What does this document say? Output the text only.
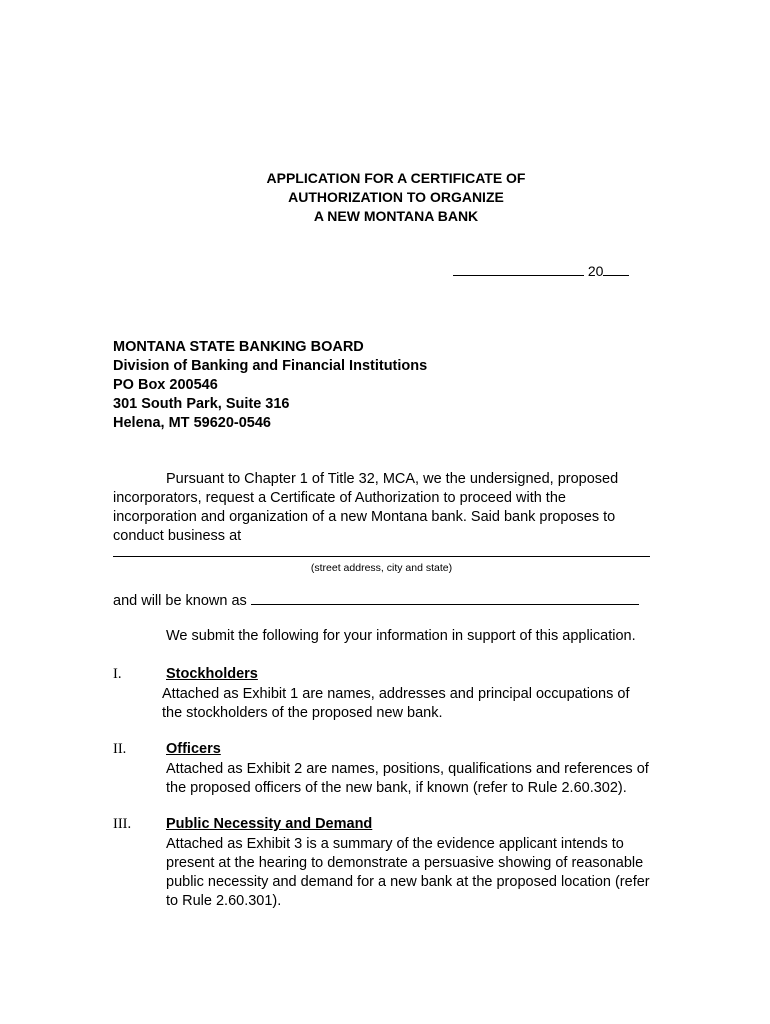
APPLICATION FOR A CERTIFICATE OF
AUTHORIZATION TO ORGANIZE
A NEW MONTANA BANK
20
MONTANA STATE BANKING BOARD
Division of Banking and Financial Institutions
PO Box 200546
301 South Park, Suite 316
Helena, MT 59620-0546
Pursuant to Chapter 1 of Title 32, MCA, we the undersigned, proposed
incorporators, request a Certificate of Authorization to proceed with the
incorporation and organization of a new Montana bank. Said bank proposes to
conduct business at
(street address, city and state)
and will be known as
We submit the following for your information in support of this application.
I.	Stockholders
Attached as Exhibit 1 are names, addresses and principal occupations of
the stockholders of the proposed new bank.
II.	Officers
Attached as Exhibit 2 are names, positions, qualifications and references of
the proposed officers of the new bank, if known (refer to Rule 2.60.302).
III. Public Necessity and Demand
Attached as Exhibit 3 is a summary of the evidence applicant intends to
present at the hearing to demonstrate a persuasive showing of reasonable
public necessity and demand for a new bank at the proposed location (refer
to Rule 2.60.301).
